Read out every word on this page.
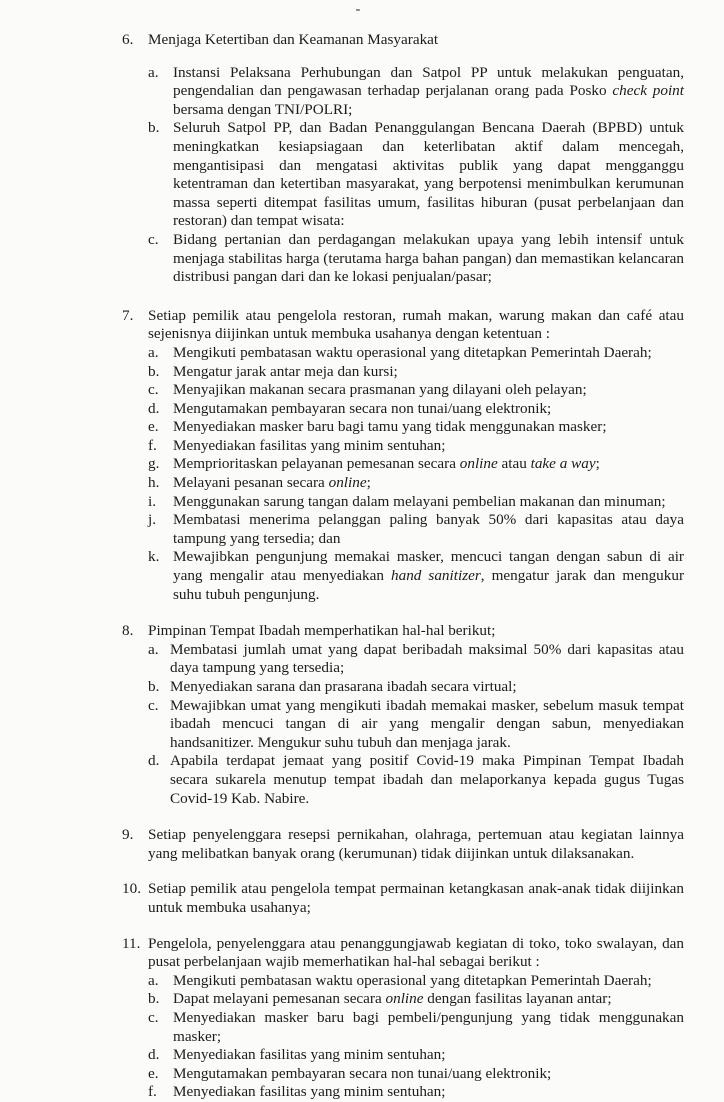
-
6. Menjaga Ketertiban dan Keamanan Masyarakat
a. Instansi Pelaksana Perhubungan dan Satpol PP untuk melakukan penguatan, pengendalian dan pengawasan terhadap perjalanan orang pada Posko check point bersama dengan TNI/POLRI;
b. Seluruh Satpol PP, dan Badan Penanggulangan Bencana Daerah (BPBD) untuk meningkatkan kesiapsiagaan dan keterlibatan aktif dalam mencegah, mengantisipasi dan mengatasi aktivitas publik yang dapat mengganggu ketentraman dan ketertiban masyarakat, yang berpotensi menimbulkan kerumunan massa seperti ditempat fasilitas umum, fasilitas hiburan (pusat perbelanjaan dan restoran) dan tempat wisata:
c. Bidang pertanian dan perdagangan melakukan upaya yang lebih intensif untuk menjaga stabilitas harga (terutama harga bahan pangan) dan memastikan kelancaran distribusi pangan dari dan ke lokasi penjualan/pasar;
7. Setiap pemilik atau pengelola restoran, rumah makan, warung makan dan café atau sejenisnya diijinkan untuk membuka usahanya dengan ketentuan :
a. Mengikuti pembatasan waktu operasional yang ditetapkan Pemerintah Daerah;
b. Mengatur jarak antar meja dan kursi;
c. Menyajikan makanan secara prasmanan yang dilayani oleh pelayan;
d. Mengutamakan pembayaran secara non tunai/uang elektronik;
e. Menyediakan masker baru bagi tamu yang tidak menggunakan masker;
f.	Menyediakan fasilitas yang minim sentuhan;
g. Memprioritaskan pelayanan pemesanan secara online atau take a way;
h. Melayani pesanan secara online;
i.	Menggunakan sarung tangan dalam melayani pembelian makanan dan minuman;
j.	Membatasi menerima pelanggan paling banyak 50% dari kapasitas atau daya tampung yang tersedia; dan
k. Mewajibkan pengunjung memakai masker, mencuci tangan dengan sabun di air yang mengalir atau menyediakan hand sanitizer, mengatur jarak dan mengukur suhu tubuh pengunjung.
8. Pimpinan Tempat Ibadah memperhatikan hal-hal berikut;
a. Membatasi jumlah umat yang dapat beribadah maksimal 50% dari kapasitas atau daya tampung yang tersedia;
b. Menyediakan sarana dan prasarana ibadah secara virtual;
c. Mewajibkan umat yang mengikuti ibadah memakai masker, sebelum masuk tempat ibadah mencuci tangan di air yang mengalir dengan sabun, menyediakan handsanitizer. Mengukur suhu tubuh dan menjaga jarak.
d. Apabila terdapat jemaat yang positif Covid-19 maka Pimpinan Tempat Ibadah secara sukarela menutup tempat ibadah dan melaporkanya kepada gugus Tugas Covid-19 Kab. Nabire.
9. Setiap penyelenggara resepsi pernikahan, olahraga, pertemuan atau kegiatan lainnya yang melibatkan banyak orang (kerumunan) tidak diijinkan untuk dilaksanakan.
10. Setiap pemilik atau pengelola tempat permainan ketangkasan anak-anak tidak diijinkan untuk membuka usahanya;
11. Pengelola, penyelenggara atau penanggungjawab kegiatan di toko, toko swalayan, dan pusat perbelanjaan wajib memerhatikan hal-hal sebagai berikut :
a. Mengikuti pembatasan waktu operasional yang ditetapkan Pemerintah Daerah;
b. Dapat melayani pemesanan secara online dengan fasilitas layanan antar;
c. Menyediakan masker baru bagi pembeli/pengunjung yang tidak menggunakan masker;
d. Menyediakan fasilitas yang minim sentuhan;
e. Mengutamakan pembayaran secara non tunai/uang elektronik;
f.	Menyediakan fasilitas yang minim sentuhan;
